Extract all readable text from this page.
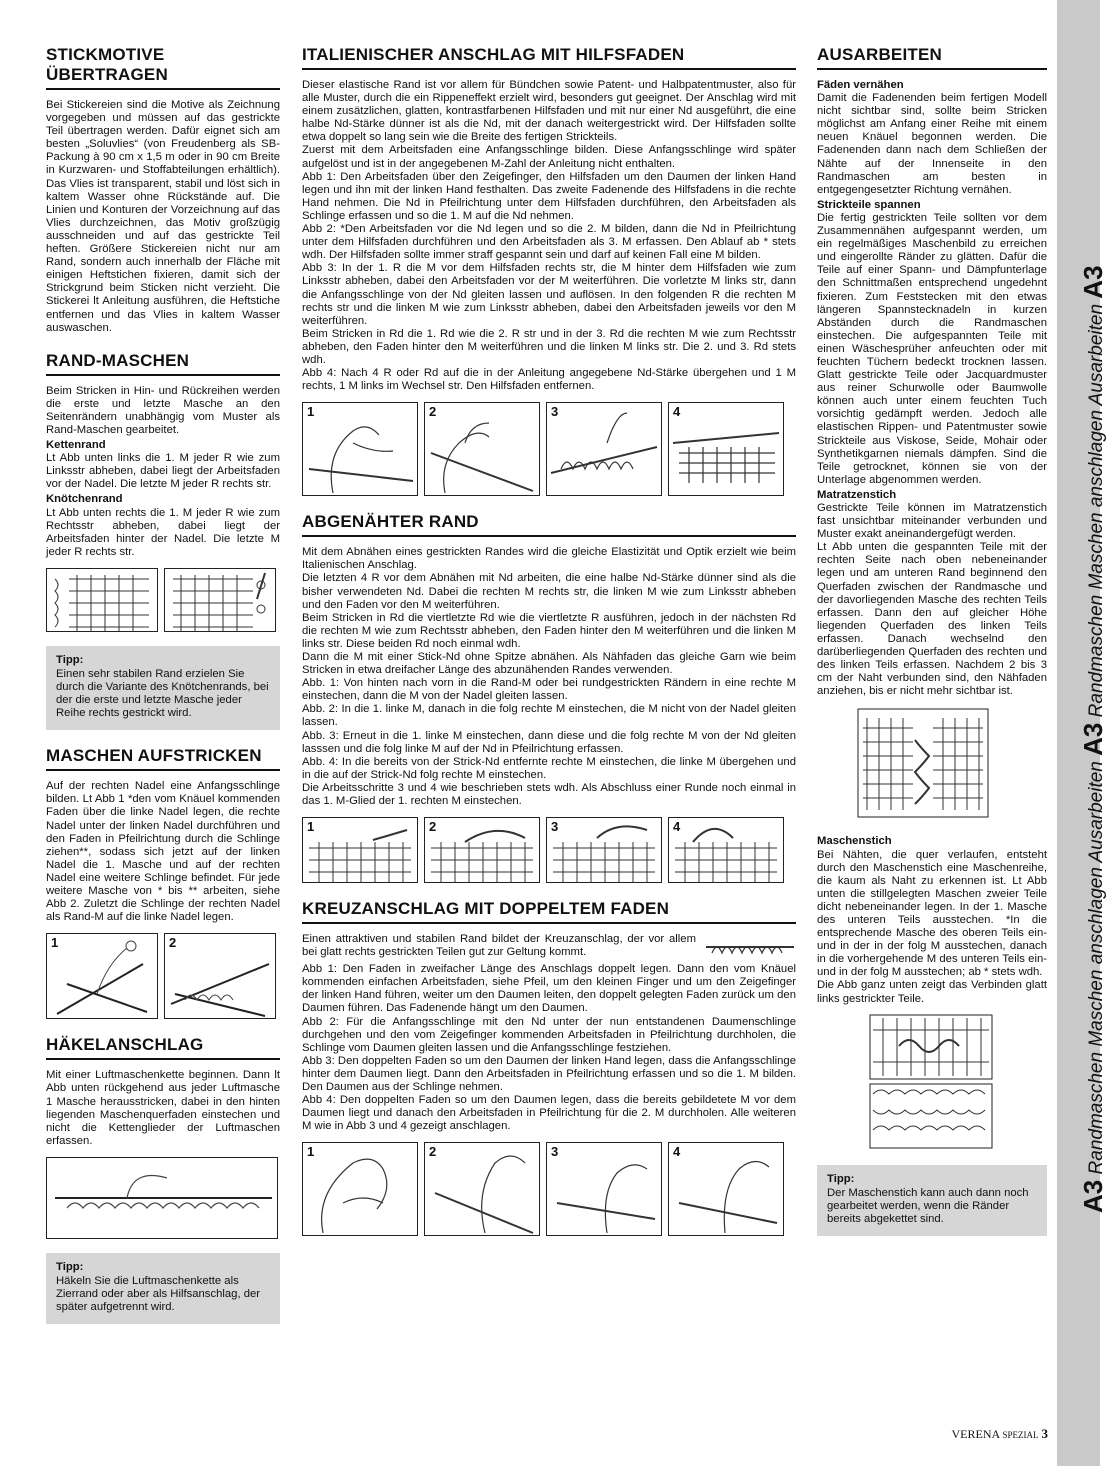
STICKMOTIVE ÜBERTRAGEN

Bei Stickereien sind die Motive als Zeichnung vorgegeben und müssen auf das gestrickte Teil übertragen werden. Dafür eignet sich am besten „Soluvlies“ (von Freudenberg als SB-Packung à 90 cm x 1,5 m oder in 90 cm Breite in Kurzwaren- und Stoffabteilungen erhältlich). Das Vlies ist transparent, stabil und löst sich in kaltem Wasser ohne Rückstände auf. Die Linien und Konturen der Vorzeichnung auf das Vlies durchzeichnen, das Motiv großzügig ausschneiden und auf das gestrickte Teil heften. Größere Stickereien nicht nur am Rand, sondern auch innerhalb der Fläche mit einigen Heftstichen fixieren, damit sich der Strickgrund beim Sticken nicht verzieht. Die Stickerei lt Anleitung ausführen, die Heftstiche entfernen und das Vlies in kaltem Wasser auswaschen.

RAND-MASCHEN

Beim Stricken in Hin- und Rückreihen werden die erste und letzte Masche an den Seitenrändern unabhängig vom Muster als Rand-Maschen gearbeitet.

Kettenrand

Lt Abb unten links die 1. M jeder R wie zum Linksstr abheben, dabei liegt der Arbeitsfaden vor der Nadel. Die letzte M jeder R rechts str.

Knötchenrand

Lt Abb unten rechts die 1. M jeder R wie zum Rechtsstr abheben, dabei liegt der Arbeitsfaden hinter der Nadel. Die letzte M jeder R rechts str.

Tipp:

Einen sehr stabilen Rand erzielen Sie durch die Variante des Knötchenrands, bei der die erste und letzte Masche jeder Reihe rechts gestrickt wird.

MASCHEN AUFSTRICKEN

Auf der rechten Nadel eine Anfangsschlinge bilden. Lt Abb 1 *den vom Knäuel kommenden Faden über die linke Nadel legen, die rechte Nadel unter der linken Nadel durchführen und den Faden in Pfeilrichtung durch die Schlinge ziehen**, sodass sich jetzt auf der linken Nadel die 1. Masche und auf der rechten Nadel eine weitere Schlinge befindet. Für jede weitere Masche von * bis ** arbeiten, siehe Abb 2. Zuletzt die Schlinge der rechten Nadel als Rand-M auf die linke Nadel legen.

1	2
HÄKELANSCHLAG

Mit einer Luftmaschenkette beginnen. Dann lt Abb unten rückgehend aus jeder Luftmasche 1 Masche herausstricken, dabei in den hinten liegenden Maschenquerfaden einstechen und nicht die Kettenglieder der Luftmaschen erfassen.

Tipp:

Häkeln Sie die Luftmaschenkette als Zierrand oder aber als Hilfsanschlag, der später aufgetrennt wird.

ITALIENISCHER ANSCHLAG MIT HILFSFADEN

Dieser elastische Rand ist vor allem für Bündchen sowie Patent- und Halbpatentmuster, also für alle Muster, durch die ein Rippeneffekt erzielt wird, besonders gut geeignet. Der Anschlag wird mit einem zusätzlichen, glatten, kontrastfarbenen Hilfsfaden und mit nur einer Nd ausgeführt, die eine halbe Nd-Stärke dünner ist als die Nd, mit der danach weitergestrickt wird. Der Hilfsfaden sollte etwa doppelt so lang sein wie die Breite des fertigen Strickteils.

Zuerst mit dem Arbeitsfaden eine Anfangsschlinge bilden. Diese Anfangsschlinge wird später aufgelöst und ist in der angegebenen M-Zahl der Anleitung nicht enthalten.

Abb 1: Den Arbeitsfaden über den Zeigefinger, den Hilfsfaden um den Daumen der linken Hand legen und ihn mit der linken Hand festhalten. Das zweite Fadenende des Hilfsfadens in die rechte Hand nehmen. Die Nd in Pfeilrichtung unter dem Hilfsfaden durchführen, den Arbeitsfaden als Schlinge erfassen und so die 1. M auf die Nd nehmen.

Abb 2: *Den Arbeitsfaden vor die Nd legen und so die 2. M bilden, dann die Nd in Pfeilrichtung unter dem Hilfsfaden durchführen und den Arbeitsfaden als 3. M erfassen. Den Ablauf ab * stets wdh. Der Hilfsfaden sollte immer straff gespannt sein und darf auf keinen Fall eine M bilden.

Abb 3: In der 1. R die M vor dem Hilfsfaden rechts str, die M hinter dem Hilfsfaden wie zum Linksstr abheben, dabei den Arbeitsfaden vor der M weiterführen. Die vorletzte M links str, dann die Anfangsschlinge von der Nd gleiten lassen und auflösen. In den folgenden R die rechten M rechts str und die linken M wie zum Linksstr abheben, dabei den Arbeitsfaden jeweils vor den M weiterführen.

Beim Stricken in Rd die 1. Rd wie die 2. R str und in der 3. Rd die rechten M wie zum Rechtsstr abheben, den Faden hinter den M weiterführen und die linken M links str. Die 2. und 3. Rd stets wdh.

Abb 4: Nach 4 R oder Rd auf die in der Anleitung angegebene Nd-Stärke übergehen und 1 M rechts, 1 M links im Wechsel str. Den Hilfsfaden entfernen.

1	2	3	4
ABGENÄHTER RAND

Mit dem Abnähen eines gestrickten Randes wird die gleiche Elastizität und Optik erzielt wie beim Italienischen Anschlag.

Die letzten 4 R vor dem Abnähen mit Nd arbeiten, die eine halbe Nd-Stärke dünner sind als die bisher verwendeten Nd. Dabei die rechten M rechts str, die linken M wie zum Linksstr abheben und den Faden vor den M weiterführen.

Beim Stricken in Rd die viertletzte Rd wie die viertletzte R ausführen, jedoch in der nächsten Rd die rechten M wie zum Rechtsstr abheben, den Faden hinter den M weiterführen und die linken M links str. Diese beiden Rd noch einmal wdh.

Dann die M mit einer Stick-Nd ohne Spitze abnähen. Als Nähfaden das gleiche Garn wie beim Stricken in etwa dreifacher Länge des abzunähenden Randes verwenden.

Abb. 1: Von hinten nach vorn in die Rand-M oder bei rundgestrickten Rändern in eine rechte M einstechen, dann die M von der Nadel gleiten lassen.

Abb. 2: In die 1. linke M, danach in die folg rechte M einstechen, die M nicht von der Nadel gleiten lassen.

Abb. 3: Erneut in die 1. linke M einstechen, dann diese und die folg rechte M von der Nd gleiten lasssen und die folg linke M auf der Nd in Pfeilrichtung erfassen.

Abb. 4: In die bereits von der Strick-Nd entfernte rechte M einstechen, die linke M übergehen und in die auf der Strick-Nd folg rechte M einstechen.

Die Arbeitsschritte 3 und 4 wie beschrieben stets wdh. Als Abschluss einer Runde noch einmal in das 1. M-Glied der 1. rechten M einstechen.

1	2	3	4
KREUZANSCHLAG MIT DOPPELTEM FADEN

Einen attraktiven und stabilen Rand bildet der Kreuzanschlag, der vor allem bei glatt rechts gestrickten Teilen gut zur Geltung kommt.

Abb 1: Den Faden in zweifacher Länge des Anschlags doppelt legen. Dann den vom Knäuel kommenden einfachen Arbeitsfaden, siehe Pfeil, um den kleinen Finger und um den Zeigefinger der linken Hand führen, weiter um den Daumen leiten, den doppelt gelegten Faden zurück um den Daumen führen. Das Fadenende hängt um den Daumen.

Abb 2: Für die Anfangsschlinge mit den Nd unter der nun entstandenen Daumenschlinge durchgehen und den vom Zeigefinger kommenden Arbeitsfaden in Pfeilrichtung durchholen, die Schlinge vom Daumen gleiten lassen und die Anfangsschlinge festziehen.

Abb 3: Den doppelten Faden so um den Daumen der linken Hand legen, dass die Anfangsschlinge hinter dem Daumen liegt. Dann den Arbeitsfaden in Pfeilrichtung erfassen und so die 1. M bilden. Den Daumen aus der Schlinge nehmen.

Abb 4: Den doppelten Faden so um den Daumen legen, dass die bereits gebildetete M vor dem Daumen liegt und danach den Arbeitsfaden in Pfeilrichtung für die 2. M durchholen. Alle weiteren M wie in Abb 3 und 4 gezeigt anschlagen.

1	2	3	4
AUSARBEITEN
Fäden vernähen

Damit die Fadenenden beim fertigen Modell nicht sichtbar sind, sollte beim Stricken möglichst am Anfang einer Reihe mit einem neuen Knäuel begonnen werden. Die Fadenenden dann nach dem Schließen der Nähte auf der Innenseite in den Randmaschen am besten in entgegengesetzter Richtung vernähen.

Strickteile spannen

Die fertig gestrickten Teile sollten vor dem Zusammennähen aufgespannt werden, um ein regelmäßiges Maschenbild zu erreichen und eingerollte Ränder zu glätten. Dafür die Teile auf einer Spann- und Dämpfunterlage den Schnittmaßen entsprechend ungedehnt fixieren. Zum Feststecken mit den etwas längeren Spannstecknadeln in kurzen Abständen durch die Randmaschen einstechen. Die aufgespannten Teile mit einen Wäschesprüher anfeuchten oder mit feuchten Tüchern bedeckt trocknen lassen. Glatt gestrickte Teile oder Jacquardmuster aus reiner Schurwolle oder Baumwolle können auch unter einem feuchten Tuch vorsichtig gedämpft werden. Jedoch alle elastischen Rippen- und Patentmuster sowie Strickteile aus Viskose, Seide, Mohair oder Synthetikgarnen niemals dämpfen. Sind die Teile getrocknet, können sie von der Unterlage abgenommen werden.

Matratzenstich

Gestrickte Teile können im Matratzenstich fast unsichtbar miteinander verbunden und Muster exakt aneinandergefügt werden.

Lt Abb unten die gespannten Teile mit der rechten Seite nach oben nebeneinander legen und am unteren Rand beginnend den Querfaden zwischen der Randmasche und der davorliegenden Masche des rechten Teils erfassen. Dann den auf gleicher Höhe liegenden Querfaden des linken Teils erfassen. Danach wechselnd den darüberliegenden Querfaden des rechten und des linken Teils erfassen. Nachdem 2 bis 3 cm der Naht verbunden sind, den Nähfaden anziehen, bis er nicht mehr sichtbar ist.

Maschenstich

Bei Nähten, die quer verlaufen, entsteht durch den Maschenstich eine Maschenreihe, die kaum als Naht zu erkennen ist. Lt Abb unten die stillgelegten Maschen zweier Teile dicht nebeneinander legen. In der 1. Masche des unteren Teils ausstechen. *In die entsprechende Masche des oberen Teils ein- und in der in der folg M ausstechen, danach in die vorhergehende M des unteren Teils ein- und in der folg M ausstechen; ab * stets wdh.

Die Abb ganz unten zeigt das Verbinden glatt links gestrickter Teile.

Tipp:

Der Maschenstich kann auch dann noch gearbeitet werden, wenn die Ränder bereits abgekettet sind.

A3 Randmaschen Maschen anschlagen Ausarbeiten A3 Randmaschen Maschen anschlagen Ausarbeiten A3
VERENA SPEZIAL 3
